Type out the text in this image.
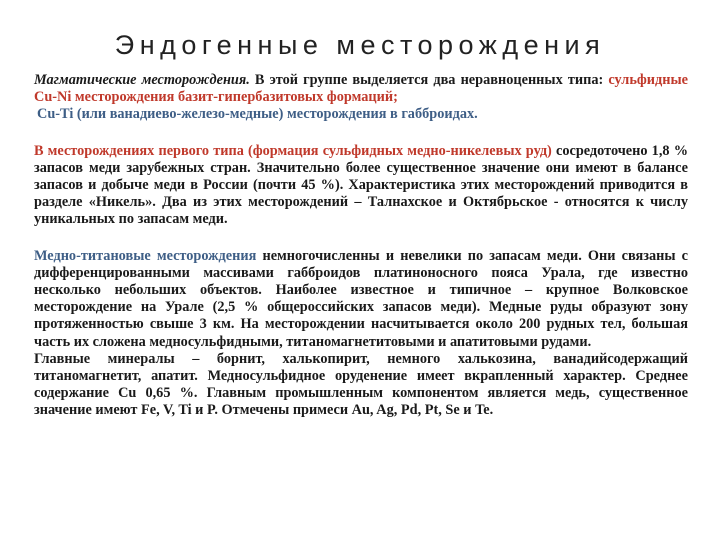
Эндогенные месторождения
Магматические месторождения. В этой группе выделяется два неравноценных типа: сульфидные Cu-Ni месторождения базит-гипербазитовых формаций;
Cu-Ti (или ванадиево-железо-медные) месторождения в габброидах.
В месторождениях первого типа (формация сульфидных медно-никелевых руд) сосредоточено 1,8 % запасов меди зарубежных стран. Значительно более существенное значение они имеют в балансе запасов и добыче меди в России (почти 45 %). Характеристика этих месторождений приводится в разделе «Никель». Два из этих месторождений – Талнахское и Октябрьское - относятся к числу уникальных по запасам меди.
Медно-титановые месторождения немногочисленны и невелики по запасам меди. Они связаны с дифференцированными массивами габброидов платиноносного пояса Урала, где известно несколько небольших объектов. Наиболее известное и типичное – крупное Волковское месторождение на Урале (2,5 % общероссийских запасов меди). Медные руды образуют зону протяженностью свыше 3 км. На месторождении насчитывается около 200 рудных тел, большая часть их сложена медносульфидными, титаномагнетитовыми и апатитовыми рудами.
Главные минералы – борнит, халькопирит, немного халькозина, ванадийсодержащий титаномагнетит, апатит. Медносульфидное оруденение имеет вкрапленный характер. Среднее содержание Cu 0,65 %. Главным промышленным компонентом является медь, существенное значение имеют Fe, V, Ti и P. Отмечены примеси Au, Ag, Pd, Pt, Se и Te.
